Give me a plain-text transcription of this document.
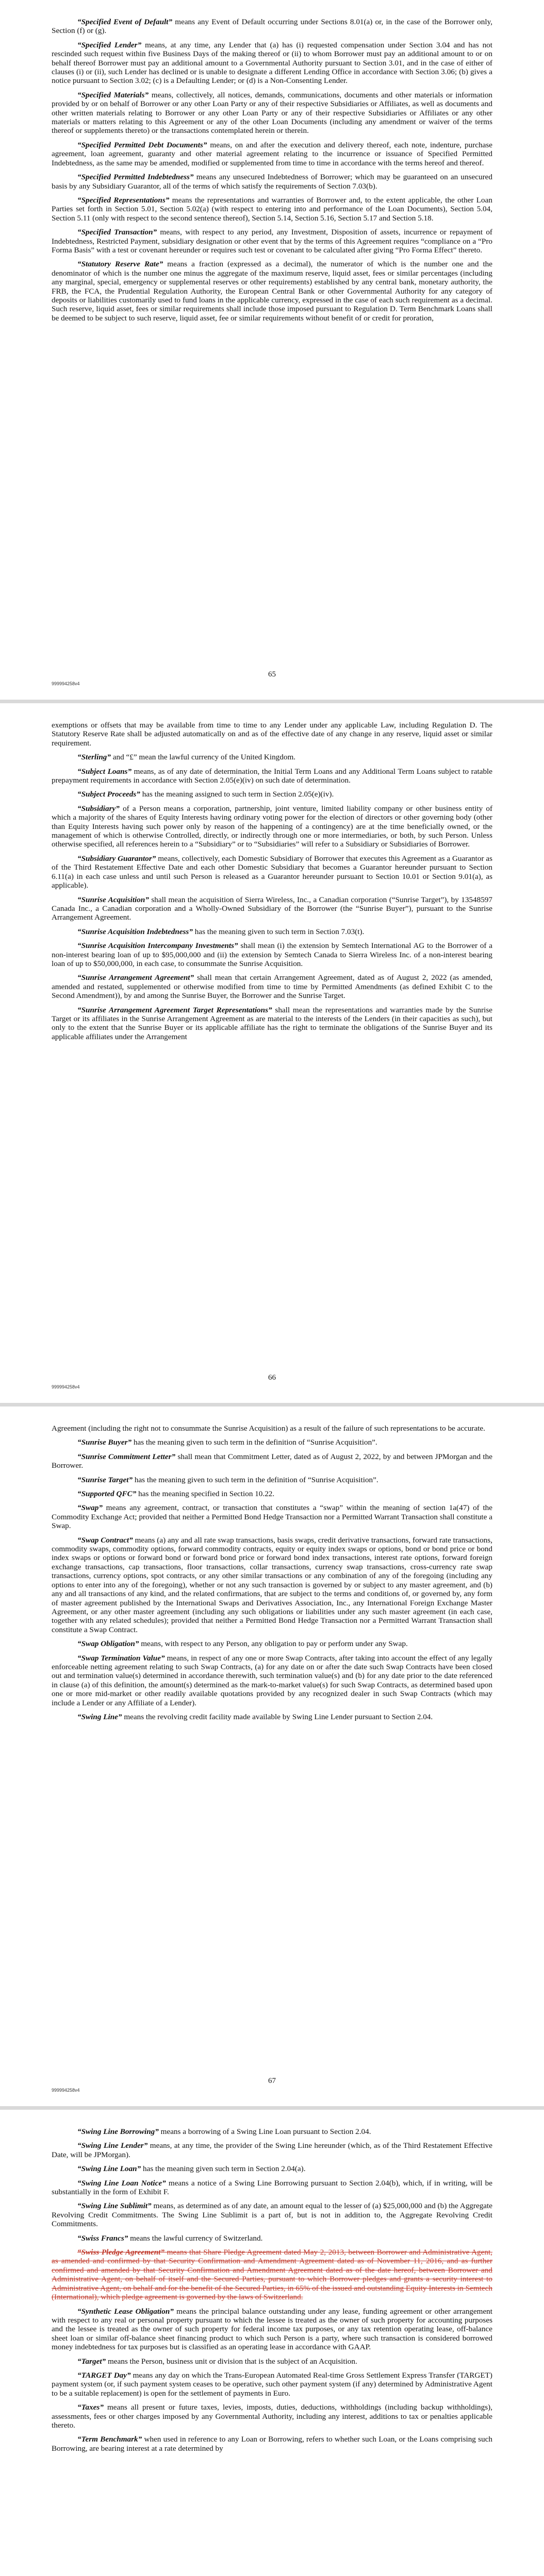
“Specified Event of Default” means any Event of Default occurring under Sections 8.01(a) or, in the case of the Borrower only, Section (f) or (g).

“Specified Lender” means, at any time, any Lender that (a) has (i) requested compensation under Section 3.04 and has not rescinded such request within five Business Days of the making thereof or (ii) to whom Borrower must pay an additional amount to or on behalf thereof Borrower must pay an additional amount to a Governmental Authority pursuant to Section 3.01, and in the case of either of clauses (i) or (ii), such Lender has declined or is unable to designate a different Lending Office in accordance with Section 3.06; (b) gives a notice pursuant to Section 3.02; (c) is a Defaulting Lender; or (d) is a Non-Consenting Lender.

“Specified Materials” means, collectively, all notices, demands, communications, documents and other materials or information provided by or on behalf of Borrower or any other Loan Party or any of their respective Subsidiaries or Affiliates, as well as documents and other written materials relating to Borrower or any other Loan Party or any of their respective Subsidiaries or Affiliates or any other materials or matters relating to this Agreement or any of the other Loan Documents (including any amendment or waiver of the terms thereof or supplements thereto) or the transactions contemplated herein or therein.

“Specified Permitted Debt Documents” means, on and after the execution and delivery thereof, each note, indenture, purchase agreement, loan agreement, guaranty and other material agreement relating to the incurrence or issuance of Specified Permitted Indebtedness, as the same may be amended, modified or supplemented from time to time in accordance with the terms hereof and thereof.

“Specified Permitted Indebtedness” means any unsecured Indebtedness of Borrower; which may be guaranteed on an unsecured basis by any Subsidiary Guarantor, all of the terms of which satisfy the requirements of Section 7.03(b).

“Specified Representations” means the representations and warranties of Borrower and, to the extent applicable, the other Loan Parties set forth in Section 5.01, Section 5.02(a) (with respect to entering into and performance of the Loan Documents), Section 5.04, Section 5.11 (only with respect to the second sentence thereof), Section 5.14, Section 5.16, Section 5.17 and Section 5.18.

“Specified Transaction” means, with respect to any period, any Investment, Disposition of assets, incurrence or repayment of Indebtedness, Restricted Payment, subsidiary designation or other event that by the terms of this Agreement requires “compliance on a “Pro Forma Basis” with a test or covenant hereunder or requires such test or covenant to be calculated after giving “Pro Forma Effect” thereto.

“Statutory Reserve Rate” means a fraction (expressed as a decimal), the numerator of which is the number one and the denominator of which is the number one minus the aggregate of the maximum reserve, liquid asset, fees or similar percentages (including any marginal, special, emergency or supplemental reserves or other requirements) established by any central bank, monetary authority, the FRB, the FCA, the Prudential Regulation Authority, the European Central Bank or other Governmental Authority for any category of deposits or liabilities customarily used to fund loans in the applicable currency, expressed in the case of each such requirement as a decimal. Such reserve, liquid asset, fees or similar requirements shall include those imposed pursuant to Regulation D. Term Benchmark Loans shall be deemed to be subject to such reserve, liquid asset, fee or similar requirements without benefit of or credit for proration,

65
999994258v4

exemptions or offsets that may be available from time to time to any Lender under any applicable Law, including Regulation D. The Statutory Reserve Rate shall be adjusted automatically on and as of the effective date of any change in any reserve, liquid asset or similar requirement.

“Sterling” and “£” mean the lawful currency of the United Kingdom.

“Subject Loans” means, as of any date of determination, the Initial Term Loans and any Additional Term Loans subject to ratable prepayment requirements in accordance with Section 2.05(e)(iv) on such date of determination.

“Subject Proceeds” has the meaning assigned to such term in Section 2.05(e)(iv).

“Subsidiary” of a Person means a corporation, partnership, joint venture, limited liability company or other business entity of which a majority of the shares of Equity Interests having ordinary voting power for the election of directors or other governing body (other than Equity Interests having such power only by reason of the happening of a contingency) are at the time beneficially owned, or the management of which is otherwise Controlled, directly, or indirectly through one or more intermediaries, or both, by such Person. Unless otherwise specified, all references herein to a “Subsidiary” or to “Subsidiaries” will refer to a Subsidiary or Subsidiaries of Borrower.

“Subsidiary Guarantor” means, collectively, each Domestic Subsidiary of Borrower that executes this Agreement as a Guarantor as of the Third Restatement Effective Date and each other Domestic Subsidiary that becomes a Guarantor hereunder pursuant to Section 6.11(a) in each case unless and until such Person is released as a Guarantor hereunder pursuant to Section 10.01 or Section 9.01(a), as applicable).

“Sunrise Acquisition” shall mean the acquisition of Sierra Wireless, Inc., a Canadian corporation (“Sunrise Target”), by 13548597 Canada Inc., a Canadian corporation and a Wholly-Owned Subsidiary of the Borrower (the “Sunrise Buyer”), pursuant to the Sunrise Arrangement Agreement.

“Sunrise Acquisition Indebtedness” has the meaning given to such term in Section 7.03(t).

“Sunrise Acquisition Intercompany Investments” shall mean (i) the extension by Semtech International AG to the Borrower of a non-interest bearing loan of up to $95,000,000 and (ii) the extension by Semtech Canada to Sierra Wireless Inc. of a non-interest bearing loan of up to $50,000,000, in each case, to consummate the Sunrise Acquisition.

“Sunrise Arrangement Agreement” shall mean that certain Arrangement Agreement, dated as of August 2, 2022 (as amended, amended and restated, supplemented or otherwise modified from time to time by Permitted Amendments (as defined Exhibit C to the Second Amendment)), by and among the Sunrise Buyer, the Borrower and the Sunrise Target.

“Sunrise Arrangement Agreement Target Representations” shall mean the representations and warranties made by the Sunrise Target or its affiliates in the Sunrise Arrangement Agreement as are material to the interests of the Lenders (in their capacities as such), but only to the extent that the Sunrise Buyer or its applicable affiliate has the right to terminate the obligations of the Sunrise Buyer and its applicable affiliates under the Arrangement

66
999994258v4

Agreement (including the right not to consummate the Sunrise Acquisition) as a result of the failure of such representations to be accurate.

“Sunrise Buyer” has the meaning given to such term in the definition of “Sunrise Acquisition”.

“Sunrise Commitment Letter” shall mean that Commitment Letter, dated as of August 2, 2022, by and between JPMorgan and the Borrower.

“Sunrise Target” has the meaning given to such term in the definition of “Sunrise Acquisition”.

“Supported QFC” has the meaning specified in Section 10.22.

“Swap” means any agreement, contract, or transaction that constitutes a “swap” within the meaning of section 1a(47) of the Commodity Exchange Act; provided that neither a Permitted Bond Hedge Transaction nor a Permitted Warrant Transaction shall constitute a Swap.

“Swap Contract” means (a) any and all rate swap transactions, basis swaps, credit derivative transactions, forward rate transactions, commodity swaps, commodity options, forward commodity contracts, equity or equity index swaps or options, bond or bond price or bond index swaps or options or forward bond or forward bond price or forward bond index transactions, interest rate options, forward foreign exchange transactions, cap transactions, floor transactions, collar transactions, currency swap transactions, cross-currency rate swap transactions, currency options, spot contracts, or any other similar transactions or any combination of any of the foregoing (including any options to enter into any of the foregoing), whether or not any such transaction is governed by or subject to any master agreement, and (b) any and all transactions of any kind, and the related confirmations, that are subject to the terms and conditions of, or governed by, any form of master agreement published by the International Swaps and Derivatives Association, Inc., any International Foreign Exchange Master Agreement, or any other master agreement (including any such obligations or liabilities under any such master agreement (in each case, together with any related schedules); provided that neither a Permitted Bond Hedge Transaction nor a Permitted Warrant Transaction shall constitute a Swap Contract.

“Swap Obligation” means, with respect to any Person, any obligation to pay or perform under any Swap.

“Swap Termination Value” means, in respect of any one or more Swap Contracts, after taking into account the effect of any legally enforceable netting agreement relating to such Swap Contracts, (a) for any date on or after the date such Swap Contracts have been closed out and termination value(s) determined in accordance therewith, such termination value(s) and (b) for any date prior to the date referenced in clause (a) of this definition, the amount(s) determined as the mark-to-market value(s) for such Swap Contracts, as determined based upon one or more mid-market or other readily available quotations provided by any recognized dealer in such Swap Contracts (which may include a Lender or any Affiliate of a Lender).

“Swing Line” means the revolving credit facility made available by Swing Line Lender pursuant to Section 2.04.

67
999994258v4

“Swing Line Borrowing” means a borrowing of a Swing Line Loan pursuant to Section 2.04.

“Swing Line Lender” means, at any time, the provider of the Swing Line hereunder (which, as of the Third Restatement Effective Date, will be JPMorgan).

“Swing Line Loan” has the meaning given such term in Section 2.04(a).

“Swing Line Loan Notice” means a notice of a Swing Line Borrowing pursuant to Section 2.04(b), which, if in writing, will be substantially in the form of Exhibit F.

“Swing Line Sublimit” means, as determined as of any date, an amount equal to the lesser of (a) $25,000,000 and (b) the Aggregate Revolving Credit Commitments. The Swing Line Sublimit is a part of, but is not in addition to, the Aggregate Revolving Credit Commitments.

“Swiss Francs” means the lawful currency of Switzerland.

“Swiss Pledge Agreement” means that Share Pledge Agreement dated May 2, 2013, between Borrower and Administrative Agent, as amended and confirmed by that Security Confirmation and Amendment Agreement dated as of November 11, 2016, and as further confirmed and amended by that Security Confirmation and Amendment Agreement dated as of the date hereof, between Borrower and Administrative Agent, on behalf of itself and the Secured Parties, pursuant to which Borrower pledges and grants a security interest to Administrative Agent, on behalf and for the benefit of the Secured Parties, in 65% of the issued and outstanding Equity Interests in Semtech (International), which pledge agreement is governed by the laws of Switzerland.

“Synthetic Lease Obligation” means the principal balance outstanding under any lease, funding agreement or other arrangement with respect to any real or personal property pursuant to which the lessee is treated as the owner of such property for accounting purposes and the lessee is treated as the owner of such property for federal income tax purposes, or any tax retention operating lease, off-balance sheet loan or similar off-balance sheet financing product to which such Person is a party, where such transaction is considered borrowed money indebtedness for tax purposes but is classified as an operating lease in accordance with GAAP.

“Target” means the Person, business unit or division that is the subject of an Acquisition.

“TARGET Day” means any day on which the Trans-European Automated Real-time Gross Settlement Express Transfer (TARGET) payment system (or, if such payment system ceases to be operative, such other payment system (if any) determined by Administrative Agent to be a suitable replacement) is open for the settlement of payments in Euro.

“Taxes” means all present or future taxes, levies, imposts, duties, deductions, withholdings (including backup withholdings), assessments, fees or other charges imposed by any Governmental Authority, including any interest, additions to tax or penalties applicable thereto.

“Term Benchmark” when used in reference to any Loan or Borrowing, refers to whether such Loan, or the Loans comprising such Borrowing, are bearing interest at a rate determined by
